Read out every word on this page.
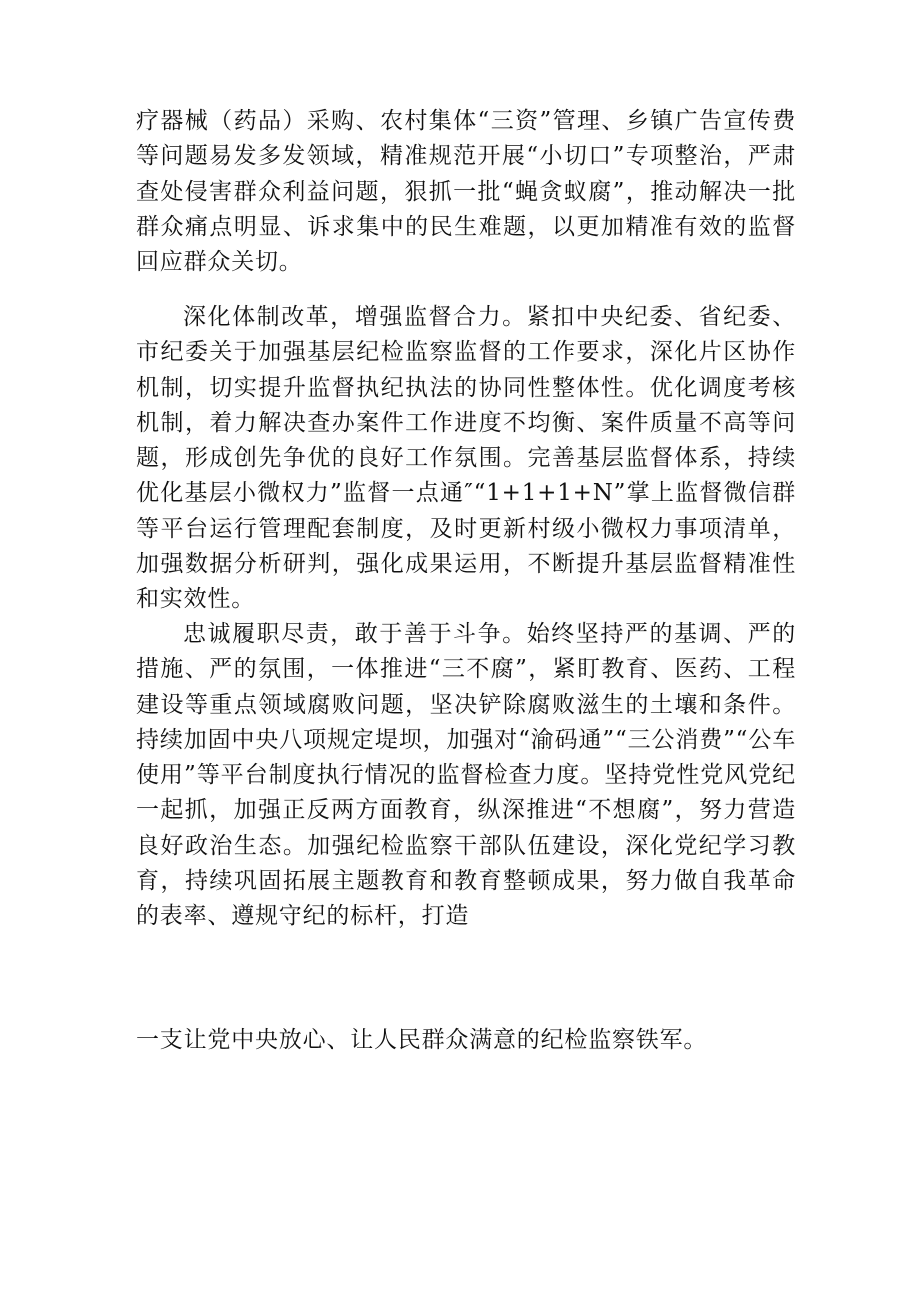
疗器械（药品）采购、农村集体“三资”管理、乡镇广告宣传费等问题易发多发领域，精准规范开展“小切口”专项整治，严肃查处侵害群众利益问题，狠抓一批“蝇贪蚁腐”，推动解决一批群众痛点明显、诉求集中的民生难题，以更加精准有效的监督回应群众关切。

深化体制改革，增强监督合力。紧扣中央纪委、省纪委、市纪委关于加强基层纪检监察监督的工作要求，深化片区协作机制，切实提升监督执纪执法的协同性整体性。优化调度考核机制，着力解决查办案件工作进度不均衡、案件质量不高等问题，形成创先争优的良好工作氛围。完善基层监督体系，持续优化基层小微权力”监督一点通″“1+1+1+N”掌上监督微信群等平台运行管理配套制度，及时更新村级小微权力事项清单，加强数据分析研判，强化成果运用，不断提升基层监督精准性和实效性。

忠诚履职尽责，敢于善于斗争。始终坚持严的基调、严的措施、严的氛围，一体推进“三不腐”，紧盯教育、医药、工程建设等重点领域腐败问题，坚决铲除腐败滋生的土壤和条件。持续加固中央八项规定堤坝，加强对“渝码通”“三公消费”“公车使用”等平台制度执行情况的监督检查力度。坚持党性党风党纪一起抓，加强正反两方面教育，纵深推进“不想腐”，努力营造良好政治生态。加强纪检监察干部队伍建设，深化党纪学习教育，持续巩固拓展主题教育和教育整顿成果，努力做自我革命的表率、遵规守纪的标杆，打造

一支让党中央放心、让人民群众满意的纪检监察铁军。
